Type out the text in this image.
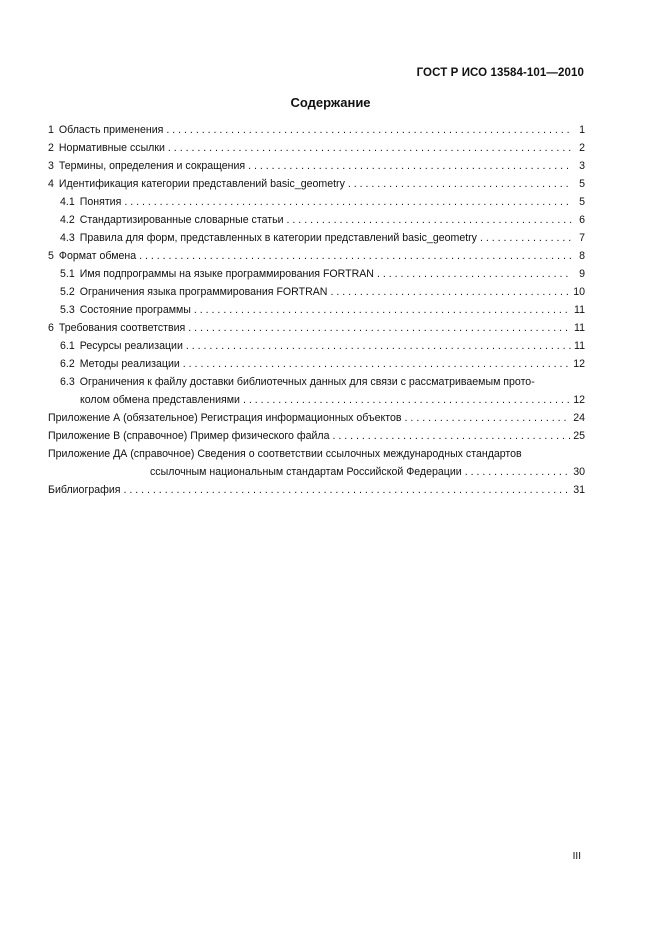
ГОСТ Р ИСО 13584-101—2010
Содержание
1 Область применения . . .	1
2 Нормативные ссылки . . .	2
3 Термины, определения и сокращения . . .	3
4 Идентификация категории представлений basic_geometry . . .	5
4.1 Понятия . . .	5
4.2 Стандартизированные словарные статьи . . .	6
4.3 Правила для форм, представленных в категории представлений basic_geometry . . .	7
5 Формат обмена . . .	8
5.1 Имя подпрограммы на языке программирования FORTRAN . . .	9
5.2 Ограничения языка программирования FORTRAN . . .	10
5.3 Состояние программы . . .	11
6 Требования соответствия . . .	11
6.1 Ресурсы реализации . . .	11
6.2 Методы реализации . . .	12
6.3 Ограничения к файлу доставки библиотечных данных для связи с рассматриваемым прото-
колом обмена представлениями . . .	12
Приложение А (обязательное) Регистрация информационных объектов . . .	24
Приложение В (справочное) Пример физического файла . . .	25
Приложение ДА (справочное) Сведения о соответствии ссылочных международных стандартов
ссылочным национальным стандартам Российской Федерации . . .	30
Библиография . . .	31
III
